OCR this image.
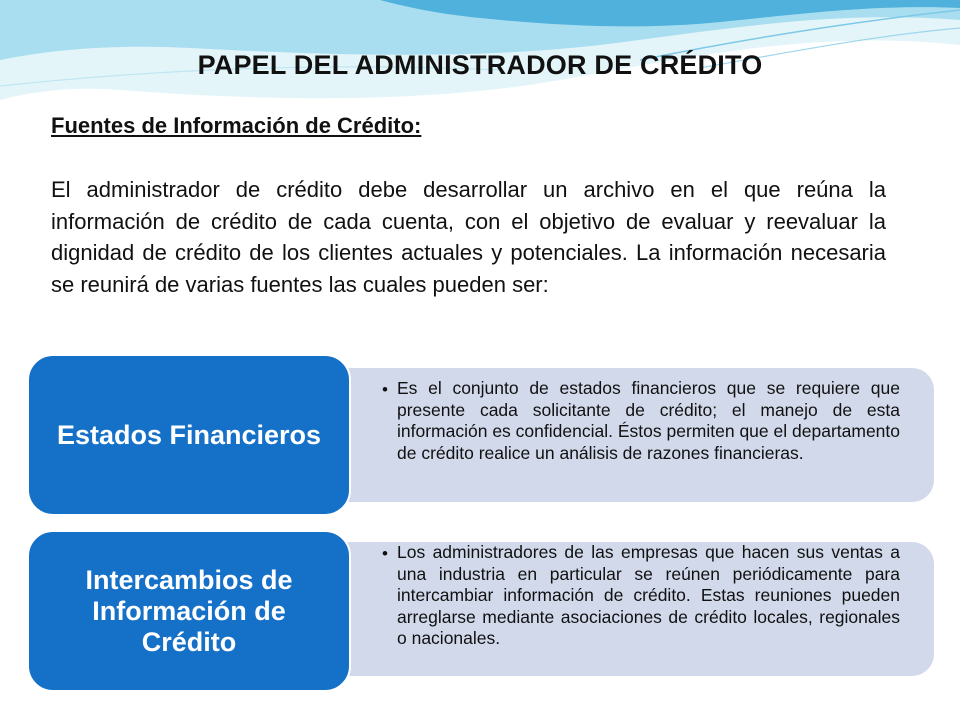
PAPEL DEL ADMINISTRADOR DE CRÉDITO
Fuentes de Información de Crédito:

El administrador de crédito debe desarrollar un archivo en el que reúna la información de crédito de cada cuenta, con el objetivo de evaluar y reevaluar la dignidad de crédito de los clientes actuales y potenciales. La información necesaria se reunirá de varias fuentes las cuales pueden ser:

• Es el conjunto de estados financieros que se requiere que presente cada solicitante de crédito; el manejo de esta información es confidencial. Éstos permiten que el departamento de crédito realice un análisis de razones financieras.
Estados Financieros
• Los administradores de las empresas que hacen sus ventas a una industria en particular se reúnen periódicamente para intercambiar información de crédito. Estas reuniones pueden arreglarse mediante asociaciones de crédito locales, regionales o nacionales.
Intercambios de Información de Crédito
